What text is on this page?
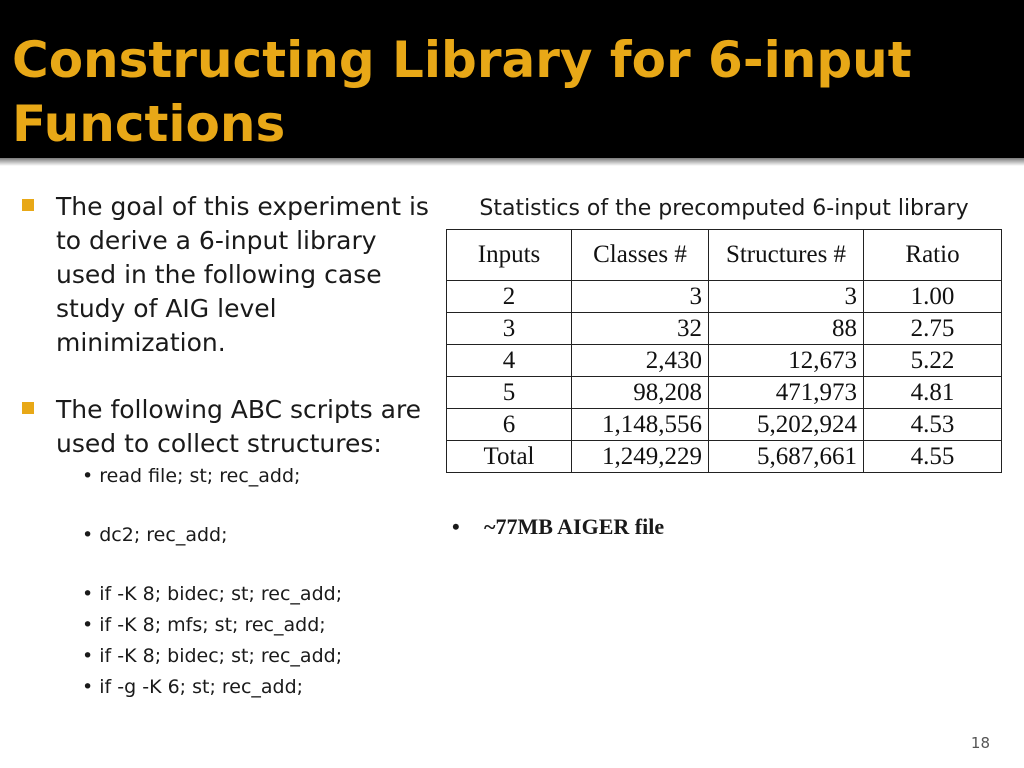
Constructing Library for 6-input Functions
The goal of this experiment is to derive a 6-input library used in the following case study of AIG level minimization.
The following ABC scripts are used to collect structures:
• read file; st; rec_add;
• dc2; rec_add;
• if -K 8; bidec; st; rec_add;
• if -K 8; mfs; st; rec_add;
• if -K 8; bidec; st; rec_add;
• if -g -K 6; st; rec_add;
Statistics of the precomputed 6-input library
Inputs	Classes #	Structures #	Ratio
2	3	3	1.00
3	32	88	2.75
4	2,430	12,673	5.22
5	98,208	471,973	4.81
6	1,148,556	5,202,924	4.53
Total	1,249,229	5,687,661	4.55
• ~77MB AIGER file
18
